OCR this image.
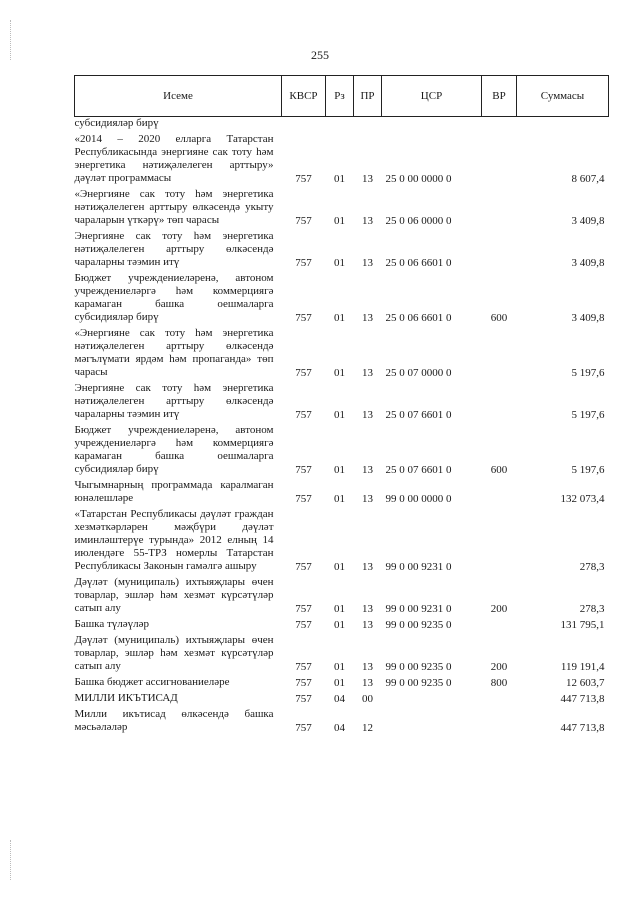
255
Исеме	КВСР	Рз	ПР	ЦСР	ВР	Суммасы
субсидияләр бирү						
«2014 – 2020 елларга Татарстан Республикасында энергияне сак тоту һәм энергетика нәтиҗәлелеген арттыру» дәүләт программасы	757	01	13	25 0 00 0000 0		8 607,4
«Энергияне сак тоту һәм энергетика нәтиҗәлелеген арттыру өлкәсендә укыту чараларын үткәрү» төп чарасы	757	01	13	25 0 06 0000 0		3 409,8
Энергияне сак тоту һәм энергетика нәтиҗәлелеген арттыру өлкәсендә чараларны тәэмин итү	757	01	13	25 0 06 6601 0		3 409,8
Бюджет учреждениеләренә, автоном учреждениеләргә һәм коммерциягә карамаган башка оешмаларга субсидияләр бирү	757	01	13	25 0 06 6601 0	600	3 409,8
«Энергияне сак тоту һәм энергетика нәтиҗәлелеген арттыру өлкәсендә мәгълүмати ярдәм һәм пропаганда» төп чарасы	757	01	13	25 0 07 0000 0		5 197,6
Энергияне сак тоту һәм энергетика нәтиҗәлелеген арттыру өлкәсендә чараларны тәэмин итү	757	01	13	25 0 07 6601 0		5 197,6
Бюджет учреждениеләренә, автоном учреждениеләргә һәм коммерциягә карамаган башка оешмаларга субсидияләр бирү	757	01	13	25 0 07 6601 0	600	5 197,6
Чыгымнарның программада каралмаган юнәлешләре	757	01	13	99 0 00 0000 0		132 073,4
«Татарстан Республикасы дәүләт граждан хезмәткәрләрен мәҗбүри дәүләт иминләштерүе турында» 2012 елның 14 июлендәге 55-ТРЗ номерлы Татарстан Республикасы Законын гамәлгә ашыру	757	01	13	99 0 00 9231 0		278,3
Дәүләт (муниципаль) ихтыяҗлары өчен товарлар, эшләр һәм хезмәт күрсәтүләр сатып алу	757	01	13	99 0 00 9231 0	200	278,3
Башка түләүләр	757	01	13	99 0 00 9235 0		131 795,1
Дәүләт (муниципаль) ихтыяҗлары өчен товарлар, эшләр һәм хезмәт күрсәтүләр сатып алу	757	01	13	99 0 00 9235 0	200	119 191,4
Башка бюджет ассигнованиеләре	757	01	13	99 0 00 9235 0	800	12 603,7
МИЛЛИ ИКЪТИСАД	757	04	00			447 713,8
Милли икътисад өлкәсендә башка мәсьәләләр	757	04	12			447 713,8
